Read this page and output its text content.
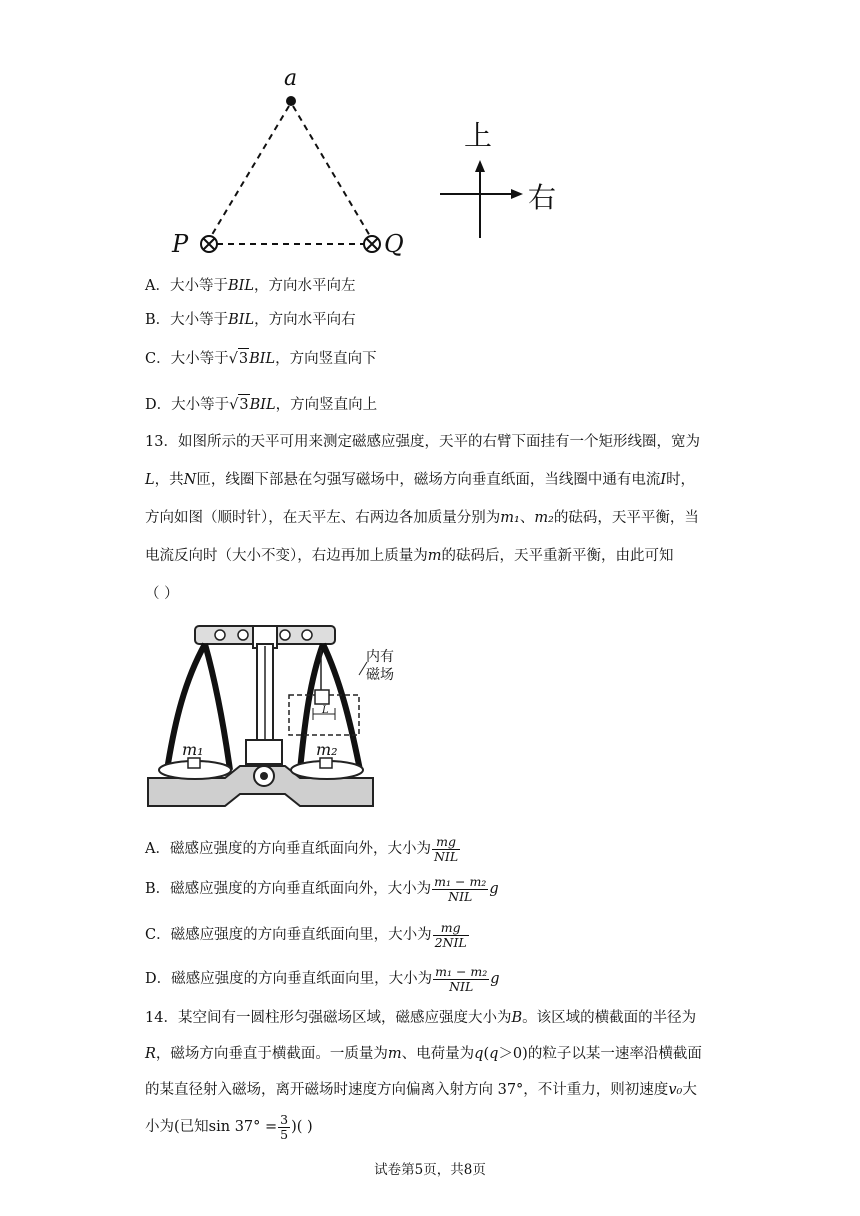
a
P	Q
上
右
A．大小等于BIL，方向水平向左
B．大小等于BIL，方向水平向右
C．大小等于√3BIL，方向竖直向下
D．大小等于√3BIL，方向竖直向上
13．如图所示的天平可用来测定磁感应强度，天平的右臂下面挂有一个矩形线圈，宽为
L，共N匝，线圈下部悬在匀强写磁场中，磁场方向垂直纸面，当线圈中通有电流I时，
方向如图（顺时针），在天平左、右两边各加质量分别为m₁、m₂的砝码，天平平衡，当
电流反向时（大小不变），右边再加上质量为m的砝码后，天平重新平衡，由此可知
（ ）
内有
磁场
L
m₁	m₂
A．磁感应强度的方向垂直纸面向外，大小为 $\frac{mg}{\text{NIL}}$
B．磁感应强度的方向垂直纸面向外，大小为 $\frac{\text{m₁ − m₂}}{\text{NIL}}$ g
C．磁感应强度的方向垂直纸面向里，大小为 $\frac{mg}{\text{2NIL}}$
D．磁感应强度的方向垂直纸面向里，大小为 $\frac{\text{m₁ − m₂}}{\text{NIL}}$ g
14．某空间有一圆柱形匀强磁场区域，磁感应强度大小为B。该区域的横截面的半径为
R，磁场方向垂直于横截面。一质量为m、电荷量为q(q＞0)的粒子以某一速率沿横截面
的某直径射入磁场，离开磁场时速度方向偏离入射方向 37°，不计重力，则初速度v₀大
小为(已知$\sin 37^\circ = \frac{3}{5}$ )( )
试卷第5页，共8页
